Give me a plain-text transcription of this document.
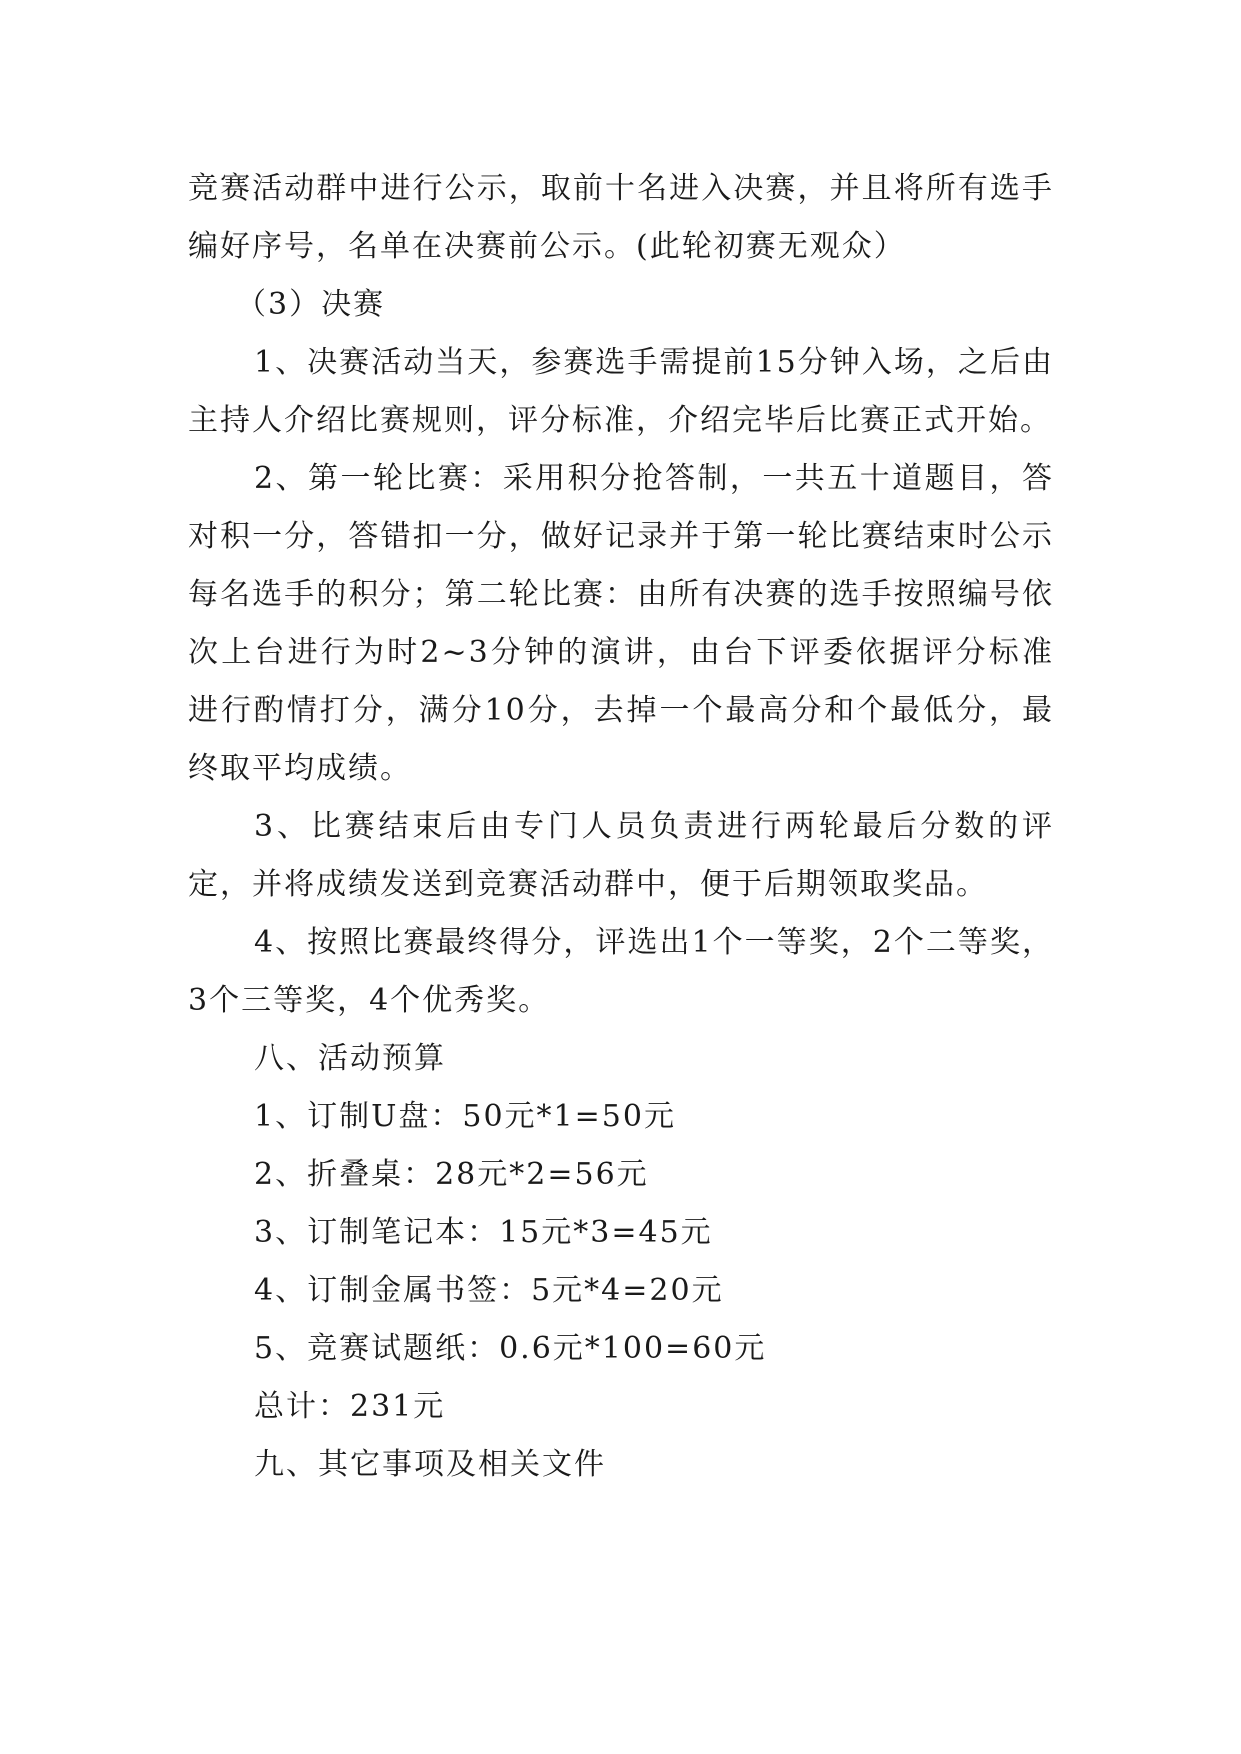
竞赛活动群中进行公示，取前十名进入决赛，并且将所有选手编好序号，名单在决赛前公示。(此轮初赛无观众）

（3）决赛

1、决赛活动当天，参赛选手需提前15分钟入场，之后由主持人介绍比赛规则，评分标准，介绍完毕后比赛正式开始。

2、第一轮比赛：采用积分抢答制，一共五十道题目，答对积一分，答错扣一分，做好记录并于第一轮比赛结束时公示每名选手的积分；第二轮比赛：由所有决赛的选手按照编号依次上台进行为时2~3分钟的演讲，由台下评委依据评分标准进行酌情打分，满分10分，去掉一个最高分和个最低分，最终取平均成绩。

3、比赛结束后由专门人员负责进行两轮最后分数的评定，并将成绩发送到竞赛活动群中，便于后期领取奖品。

4、按照比赛最终得分，评选出1个一等奖，2个二等奖，3个三等奖，4个优秀奖。

八、活动预算

1、订制U盘：50元*1=50元

2、折叠桌：28元*2=56元

3、订制笔记本：15元*3=45元

4、订制金属书签：5元*4=20元

5、竞赛试题纸：0.6元*100=60元

总计：231元

九、其它事项及相关文件
